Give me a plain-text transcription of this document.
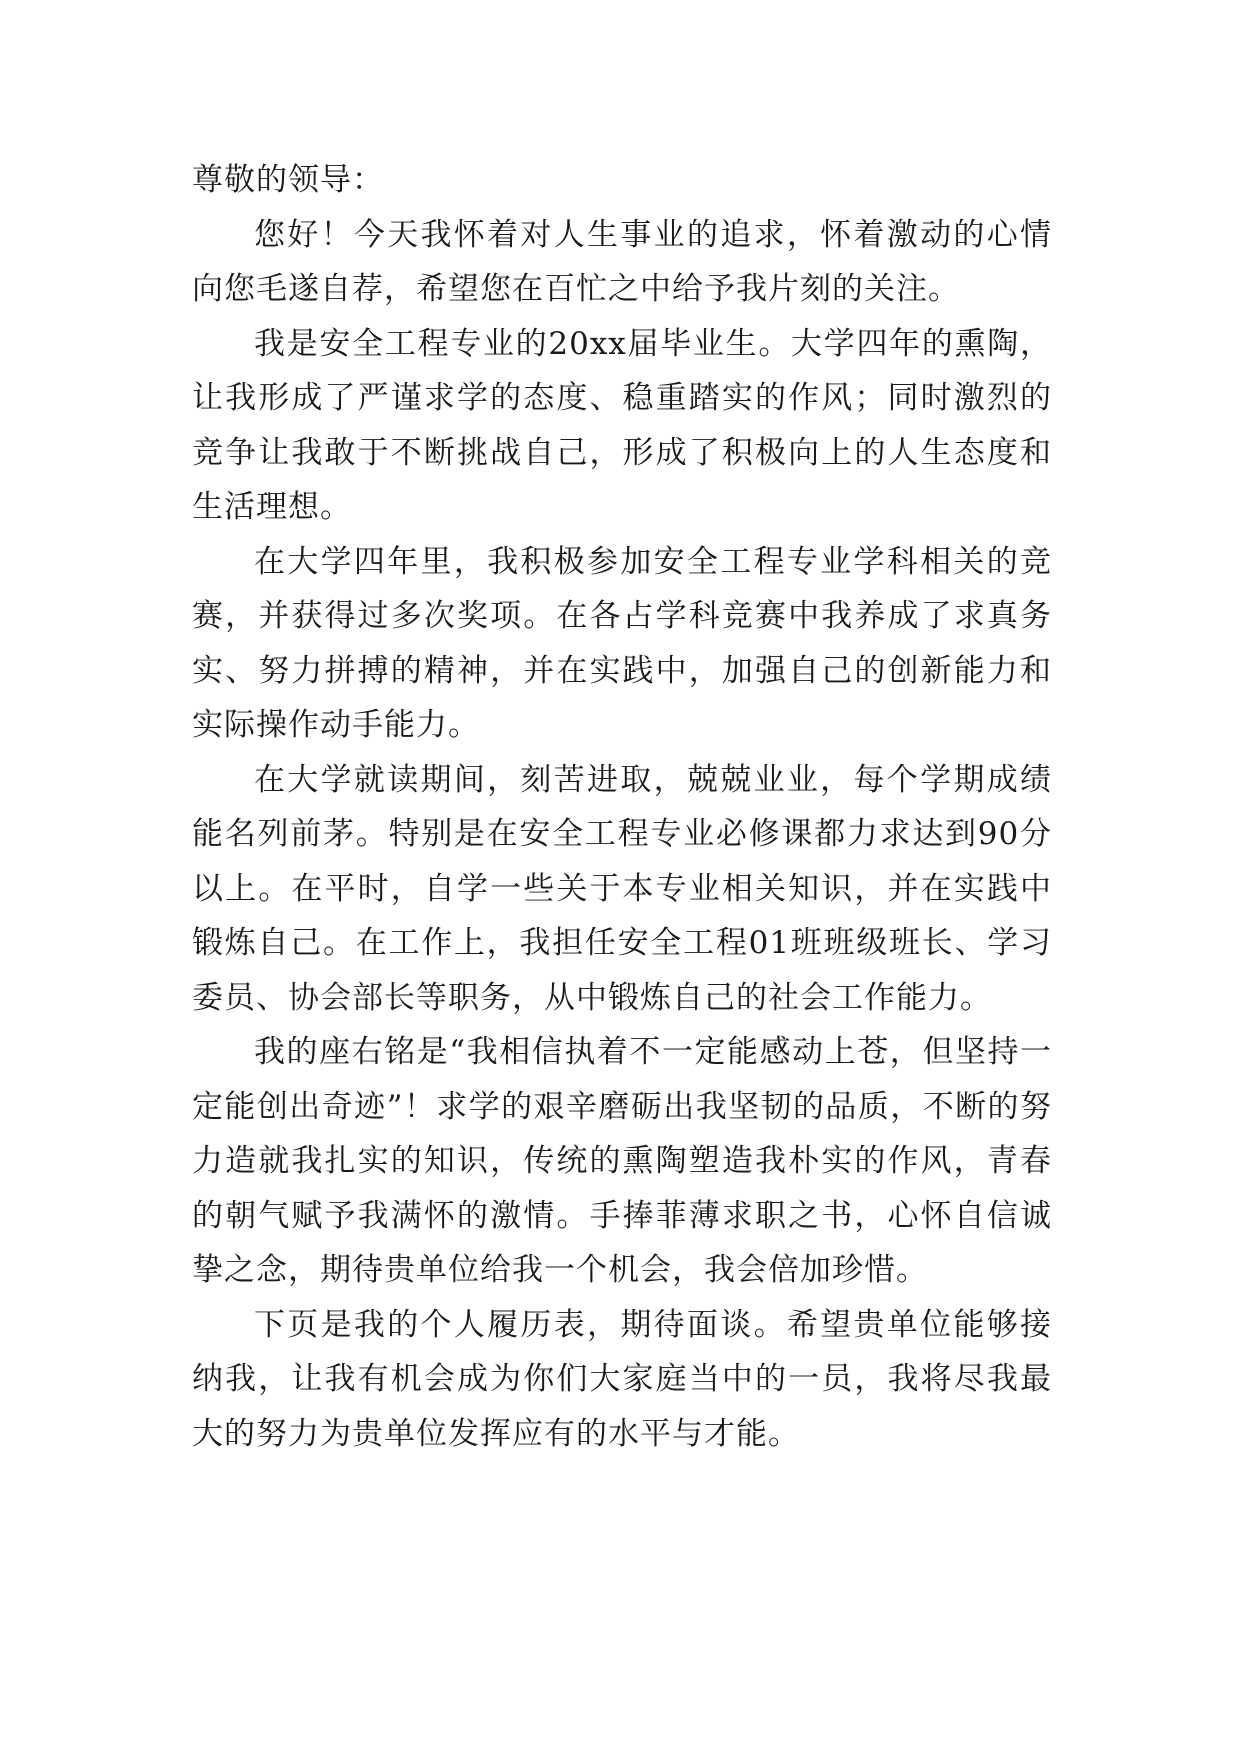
尊敬的领导：

您好！今天我怀着对人生事业的追求，怀着激动的心情向您毛遂自荐，希望您在百忙之中给予我片刻的关注。

我是安全工程专业的20xx届毕业生。大学四年的熏陶，让我形成了严谨求学的态度、稳重踏实的作风；同时激烈的竞争让我敢于不断挑战自己，形成了积极向上的人生态度和生活理想。

在大学四年里，我积极参加安全工程专业学科相关的竞赛，并获得过多次奖项。在各占学科竞赛中我养成了求真务实、努力拼搏的精神，并在实践中，加强自己的创新能力和实际操作动手能力。

在大学就读期间，刻苦进取，兢兢业业，每个学期成绩能名列前茅。特别是在安全工程专业必修课都力求达到90分以上。在平时，自学一些关于本专业相关知识，并在实践中锻炼自己。在工作上，我担任安全工程01班班级班长、学习委员、协会部长等职务，从中锻炼自己的社会工作能力。

我的座右铭是“我相信执着不一定能感动上苍，但坚持一定能创出奇迹”！求学的艰辛磨砺出我坚韧的品质，不断的努力造就我扎实的知识，传统的熏陶塑造我朴实的作风，青春的朝气赋予我满怀的激情。手捧菲薄求职之书，心怀自信诚挚之念，期待贵单位给我一个机会，我会倍加珍惜。

下页是我的个人履历表，期待面谈。希望贵单位能够接纳我，让我有机会成为你们大家庭当中的一员，我将尽我最大的努力为贵单位发挥应有的水平与才能。
